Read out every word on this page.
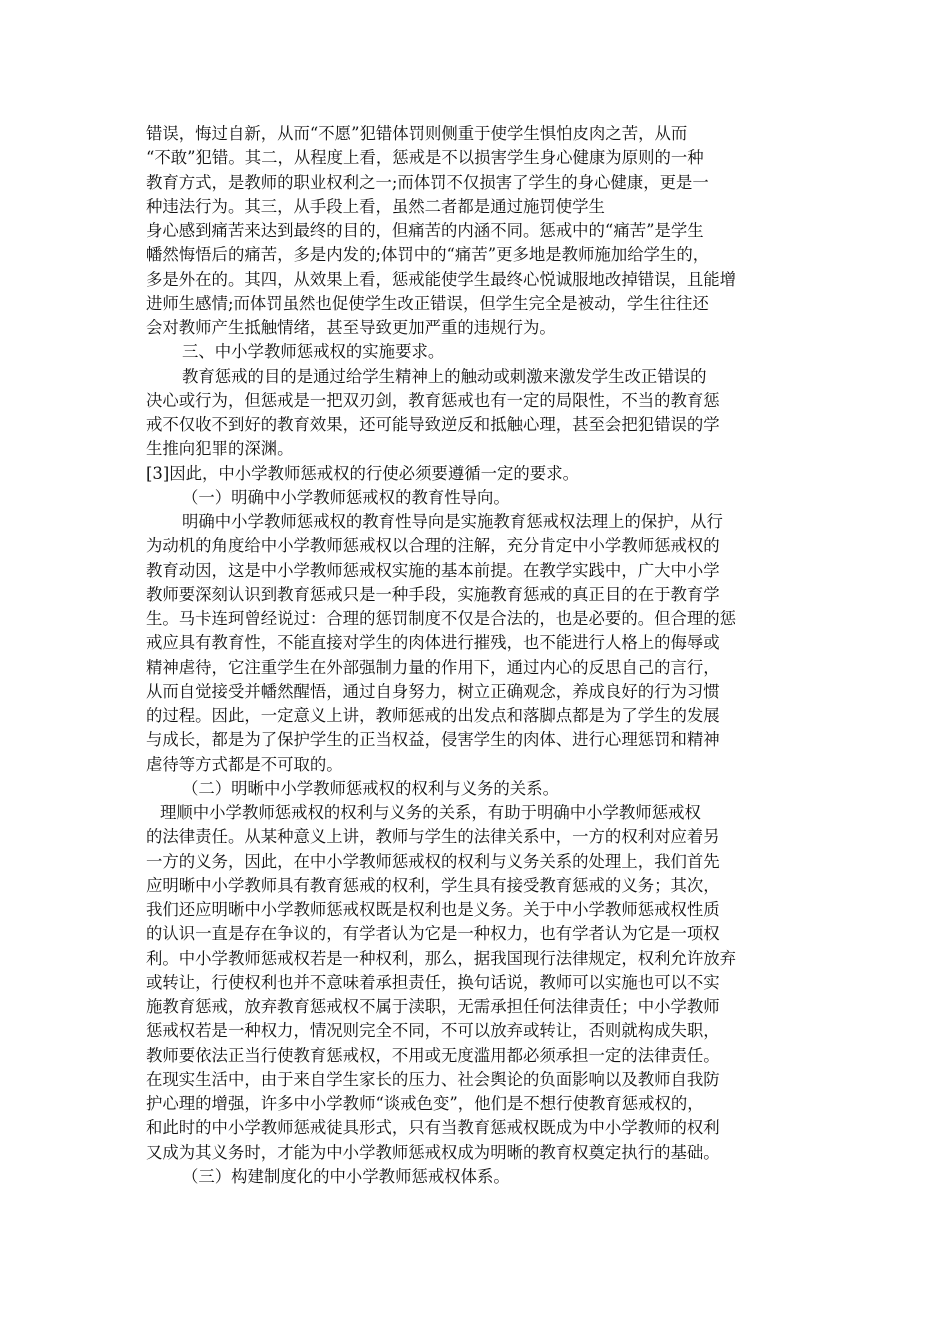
错误，悔过自新，从而“不愿”犯错体罚则侧重于使学生惧怕皮肉之苦，从而
“不敢”犯错。其二，从程度上看，惩戒是不以损害学生身心健康为原则的一种
教育方式，是教师的职业权利之一;而体罚不仅损害了学生的身心健康，更是一
种违法行为。其三，从手段上看，虽然二者都是通过施罚使学生
身心感到痛苦来达到最终的目的，但痛苦的内涵不同。惩戒中的“痛苦”是学生
幡然悔悟后的痛苦，多是内发的;体罚中的“痛苦”更多地是教师施加给学生的，
多是外在的。其四，从效果上看，惩戒能使学生最终心悦诚服地改掉错误，且能增
进师生感情;而体罚虽然也促使学生改正错误，但学生完全是被动，学生往往还
会对教师产生抵触情绪，甚至导致更加严重的违规行为。
三、中小学教师惩戒权的实施要求。
教育惩戒的目的是通过给学生精神上的触动或刺激来激发学生改正错误的
决心或行为，但惩戒是一把双刃剑，教育惩戒也有一定的局限性，不当的教育惩
戒不仅收不到好的教育效果，还可能导致逆反和抵触心理，甚至会把犯错误的学
生推向犯罪的深渊。
[3]因此，中小学教师惩戒权的行使必须要遵循一定的要求。
（一）明确中小学教师惩戒权的教育性导向。
明确中小学教师惩戒权的教育性导向是实施教育惩戒权法理上的保护，从行
为动机的角度给中小学教师惩戒权以合理的注解，充分肯定中小学教师惩戒权的
教育动因，这是中小学教师惩戒权实施的基本前提。在教学实践中，广大中小学
教师要深刻认识到教育惩戒只是一种手段，实施教育惩戒的真正目的在于教育学
生。马卡连珂曾经说过：合理的惩罚制度不仅是合法的，也是必要的。但合理的惩
戒应具有教育性，不能直接对学生的肉体进行摧残，也不能进行人格上的侮辱或
精神虐待，它注重学生在外部强制力量的作用下，通过内心的反思自己的言行，
从而自觉接受并幡然醒悟，通过自身努力，树立正确观念，养成良好的行为习惯
的过程。因此，一定意义上讲，教师惩戒的出发点和落脚点都是为了学生的发展
与成长，都是为了保护学生的正当权益，侵害学生的肉体、进行心理惩罚和精神
虐待等方式都是不可取的。
（二）明晰中小学教师惩戒权的权利与义务的关系。
理顺中小学教师惩戒权的权利与义务的关系，有助于明确中小学教师惩戒权
的法律责任。从某种意义上讲，教师与学生的法律关系中，一方的权利对应着另
一方的义务，因此，在中小学教师惩戒权的权利与义务关系的处理上，我们首先
应明晰中小学教师具有教育惩戒的权利，学生具有接受教育惩戒的义务；其次，
我们还应明晰中小学教师惩戒权既是权利也是义务。关于中小学教师惩戒权性质
的认识一直是存在争议的，有学者认为它是一种权力，也有学者认为它是一项权
利。中小学教师惩戒权若是一种权利，那么，据我国现行法律规定，权利允许放弃
或转让，行使权利也并不意味着承担责任，换句话说，教师可以实施也可以不实
施教育惩戒，放弃教育惩戒权不属于渎职，无需承担任何法律责任；中小学教师
惩戒权若是一种权力，情况则完全不同，不可以放弃或转让，否则就构成失职，
教师要依法正当行使教育惩戒权，不用或无度滥用都必须承担一定的法律责任。
在现实生活中，由于来自学生家长的压力、社会舆论的负面影响以及教师自我防
护心理的增强，许多中小学教师“谈戒色变”，他们是不想行使教育惩戒权的，
和此时的中小学教师惩戒徒具形式，只有当教育惩戒权既成为中小学教师的权利
又成为其义务时，才能为中小学教师惩戒权成为明晰的教育权奠定执行的基础。
（三）构建制度化的中小学教师惩戒权体系。
